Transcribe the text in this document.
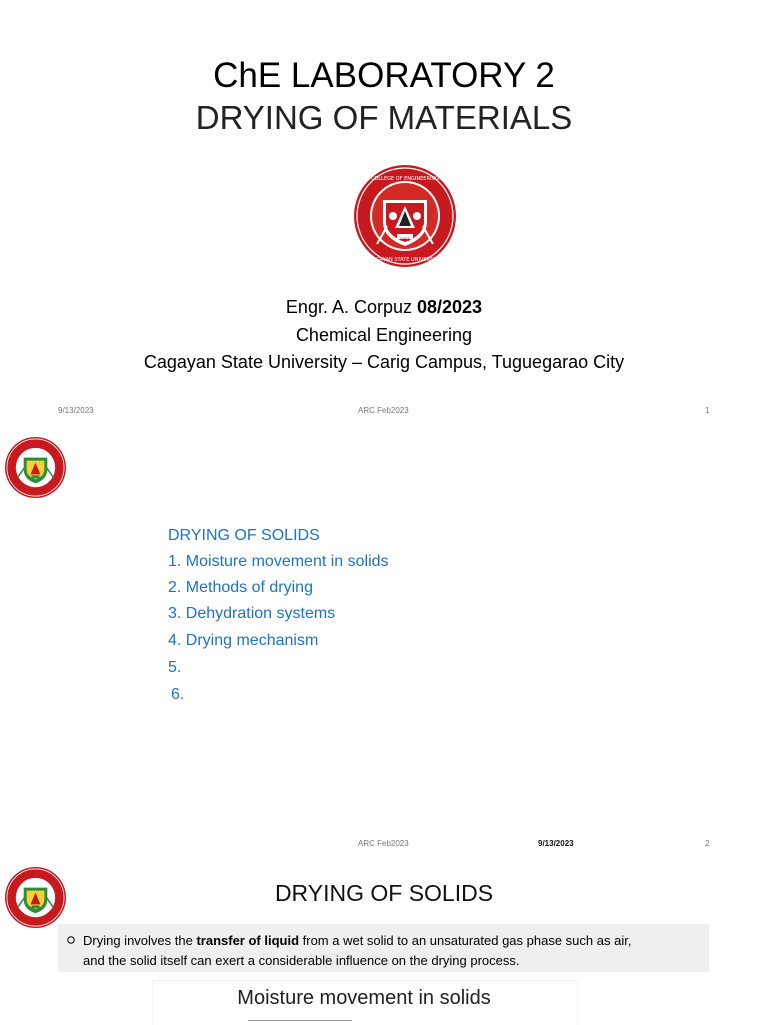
ChE LABORATORY 2
DRYING OF MATERIALS
COLLEGE OF ENGINEERING
CAGAYAN STATE UNIVERSITY
1901
Engr. A. Corpuz 08/2023
Chemical Engineering
Cagayan State University – Carig Campus, Tuguegarao City
9/13/2023	ARC Feb2023	1
DRYING OF SOLIDS
1. Moisture movement in solids
2. Methods of drying
3. Dehydration systems
4. Drying mechanism
5.
6.
ARC Feb2023	9/13/2023	2
DRYING OF SOLIDS
Drying involves the transfer of liquid from a wet solid to an unsaturated gas phase such as air,
and the solid itself can exert a considerable influence on the drying process.
Moisture movement in solids
